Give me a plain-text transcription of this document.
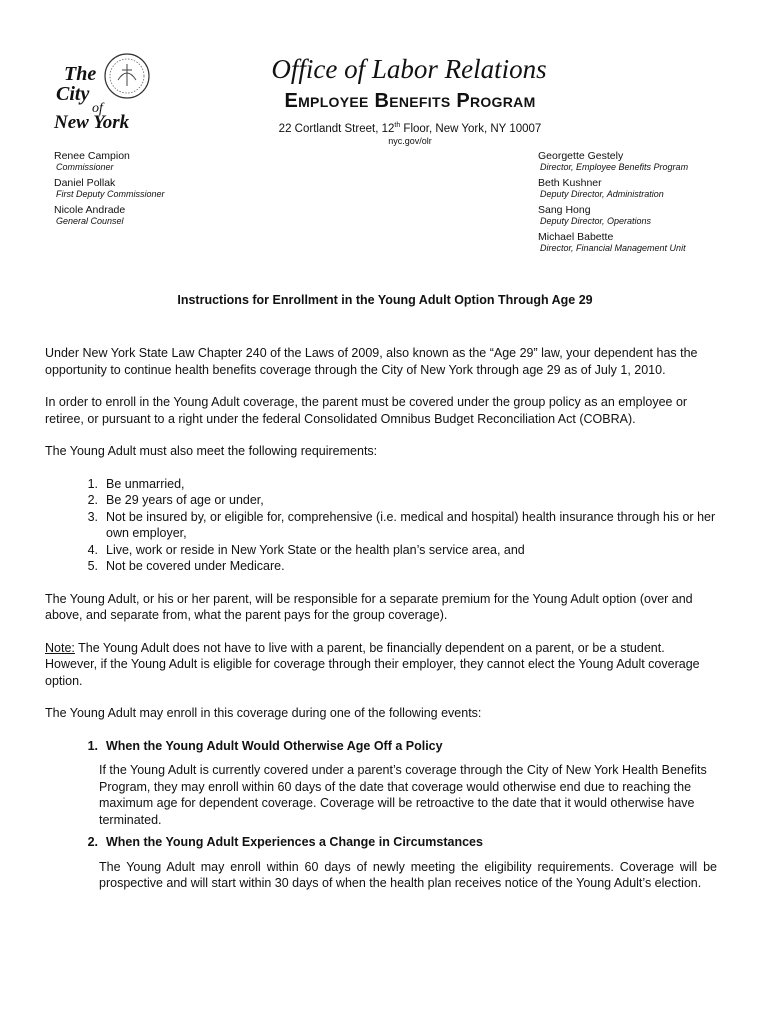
The
City
of
New York
Office of Labor Relations
Employee Benefits Program
22 Cortlandt Street, 12th Floor, New York, NY 10007
nyc.gov/olr
Renee Campion
Commissioner
Daniel Pollak
First Deputy Commissioner
Nicole Andrade
General Counsel
Georgette Gestely
Director, Employee Benefits Program
Beth Kushner
Deputy Director, Administration
Sang Hong
Deputy Director, Operations
Michael Babette
Director, Financial Management Unit
Instructions for Enrollment in the Young Adult Option Through Age 29

Under New York State Law Chapter 240 of the Laws of 2009, also known as the “Age 29” law, your dependent has the opportunity to continue health benefits coverage through the City of New York through age 29 as of July 1, 2010.

In order to enroll in the Young Adult coverage, the parent must be covered under the group policy as an employee or retiree, or pursuant to a right under the federal Consolidated Omnibus Budget Reconciliation Act (COBRA).

The Young Adult must also meet the following requirements:

1. Be unmarried,
2. Be 29 years of age or under,
3. Not be insured by, or eligible for, comprehensive (i.e. medical and hospital) health insurance through his or her own employer,
4. Live, work or reside in New York State or the health plan’s service area, and
5. Not be covered under Medicare.

The Young Adult, or his or her parent, will be responsible for a separate premium for the Young Adult option (over and above, and separate from, what the parent pays for the group coverage).

Note: The Young Adult does not have to live with a parent, be financially dependent on a parent, or be a student. However, if the Young Adult is eligible for coverage through their employer, they cannot elect the Young Adult coverage option.

The Young Adult may enroll in this coverage during one of the following events:

1. When the Young Adult Would Otherwise Age Off a Policy
If the Young Adult is currently covered under a parent’s coverage through the City of New York Health Benefits Program, they may enroll within 60 days of the date that coverage would otherwise end due to reaching the maximum age for dependent coverage. Coverage will be retroactive to the date that it would otherwise have terminated.
2. When the Young Adult Experiences a Change in Circumstances
The Young Adult may enroll within 60 days of newly meeting the eligibility requirements. Coverage will be prospective and will start within 30 days of when the health plan receives notice of the Young Adult’s election.
